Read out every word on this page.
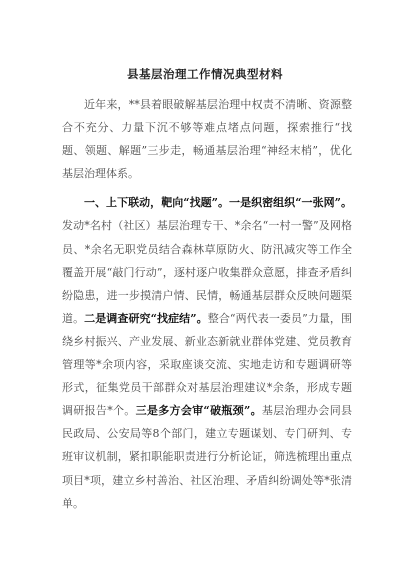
县基层治理工作情况典型材料

近年来，**县着眼破解基层治理中权责不清晰、资源整合不充分、力量下沉不够等难点堵点问题，探索推行“找题、领题、解题”三步走，畅通基层治理“神经末梢”，优化基层治理体系。

一、上下联动，靶向“找题”。一是织密组织“一张网”。发动*名村（社区）基层治理专干、*余名“一村一警”及网格员、*余名无职党员结合森林草原防火、防汛减灾等工作全覆盖开展“敲门行动”，逐村逐户收集群众意愿，排查矛盾纠纷隐患，进一步摸清户情、民情，畅通基层群众反映问题渠道。二是调查研究“找症结”。整合“两代表一委员”力量，围绕乡村振兴、产业发展、新业态新就业群体党建、党员教育管理等*余项内容，采取座谈交流、实地走访和专题调研等形式，征集党员干部群众对基层治理建议*余条，形成专题调研报告*个。三是多方会审“破瓶颈”。基层治理办会同县民政局、公安局等8个部门，建立专题谋划、专门研判、专班审议机制，紧扣职能职责进行分析论证，筛选梳理出重点项目*项，建立乡村善治、社区治理、矛盾纠纷调处等*张清单。
